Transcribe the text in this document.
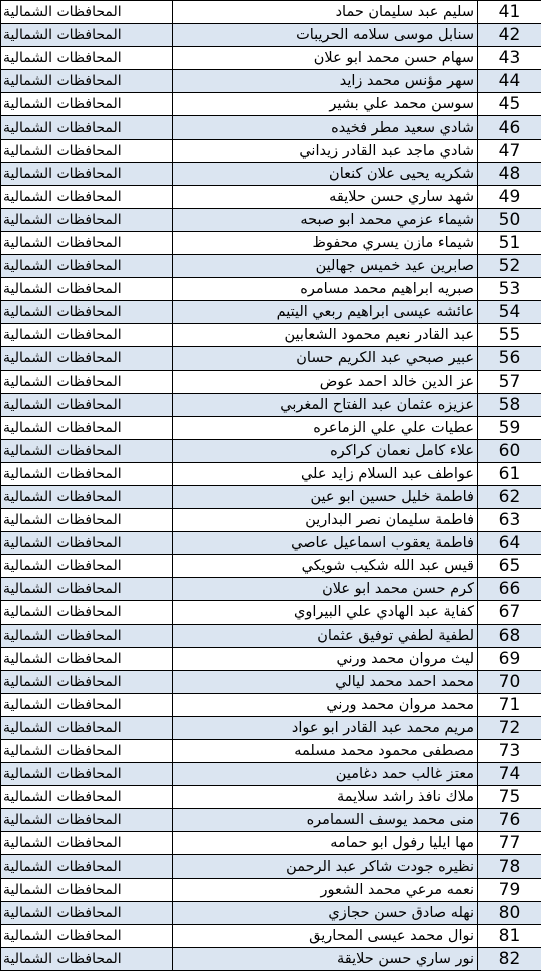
المحافظات الشمالية	سليم عبد سليمان حماد	41
المحافظات الشمالية	سنابل موسى سلامه الحريبات	42
المحافظات الشمالية	سهام حسن محمد ابو علان	43
المحافظات الشمالية	سهر مؤنس محمد زايد	44
المحافظات الشمالية	سوسن محمد علي بشير	45
المحافظات الشمالية	شادي سعيد مطر فخيده	46
المحافظات الشمالية	شادي ماجد عبد القادر زيداني	47
المحافظات الشمالية	شكريه يحيى علان كنعان	48
المحافظات الشمالية	شهد ساري حسن حلايقه	49
المحافظات الشمالية	شيماء عزمي محمد ابو صبحه	50
المحافظات الشمالية	شيماء مازن يسري محفوظ	51
المحافظات الشمالية	صابرين عيد خميس جهالين	52
المحافظات الشمالية	صبريه ابراهيم محمد مسامره	53
المحافظات الشمالية	عائشه عيسى ابراهيم ربعي اليتيم	54
المحافظات الشمالية	عبد القادر نعيم محمود الشعابين	55
المحافظات الشمالية	عبير صبحي عبد الكريم حسان	56
المحافظات الشمالية	عز الدين خالد احمد عوض	57
المحافظات الشمالية	عزيزه عثمان عبد الفتاح المغربي	58
المحافظات الشمالية	عطيات علي علي الزماعره	59
المحافظات الشمالية	علاء كامل نعمان كراكره	60
المحافظات الشمالية	عواطف عبد السلام زايد علي	61
المحافظات الشمالية	فاطمة خليل حسين ابو عين	62
المحافظات الشمالية	فاطمة سليمان نصر البدارين	63
المحافظات الشمالية	فاطمة يعقوب اسماعيل عاصي	64
المحافظات الشمالية	قيس عبد الله شكيب شويكي	65
المحافظات الشمالية	كرم حسن محمد ابو علان	66
المحافظات الشمالية	كفاية عبد الهادي علي البيراوي	67
المحافظات الشمالية	لطفية لطفي توفيق عثمان	68
المحافظات الشمالية	ليث مروان محمد ورني	69
المحافظات الشمالية	محمد احمد محمد ليالي	70
المحافظات الشمالية	محمد مروان محمد ورني	71
المحافظات الشمالية	مريم محمد عبد القادر ابو عواد	72
المحافظات الشمالية	مصطفى محمود محمد مسلمه	73
المحافظات الشمالية	معتز غالب حمد دغامين	74
المحافظات الشمالية	ملاك نافذ راشد سلايمة	75
المحافظات الشمالية	منى محمد يوسف السمامره	76
المحافظات الشمالية	مها ايليا رفول ابو حمامه	77
المحافظات الشمالية	نظيره جودت شاكر عبد الرحمن	78
المحافظات الشمالية	نعمه مرعي محمد الشعور	79
المحافظات الشمالية	نهله صادق حسن حجازي	80
المحافظات الشمالية	نوال محمد عيسى المحاريق	81
المحافظات الشمالية	نور ساري حسن حلايقة	82
